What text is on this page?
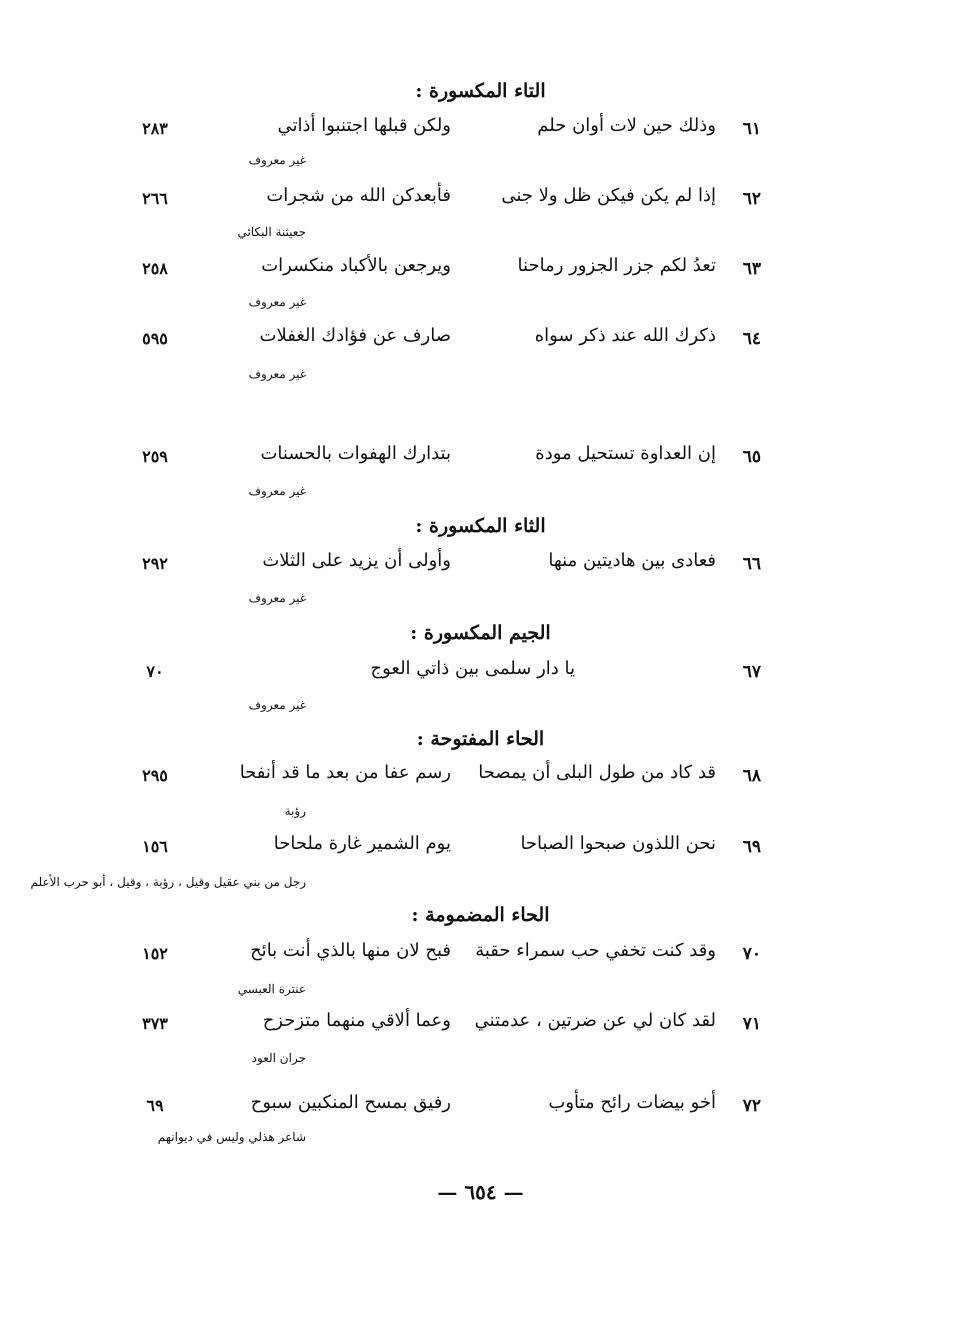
التاء المكسورة :
٦١
وذلك حين لات أوان حلم
ولكن قبلها اجتنبوا أذاتي
٢٨٣
غير معروف
٦٢
إذا لم يكن فيكن ظل ولا جنى
فأبعدكن الله من شجرات
٢٦٦
جعيثنة البكائي
٦٣
تعدُ لكم جزر الجزور رماحنا
ويرجعن بالأكباد منكسرات
٢٥٨
غير معروف
٦٤
ذكرك الله عند ذكر سواه
صارف عن فؤادك الغفلات
٥٩٥
غير معروف
٦٥
إن العداوة تستحيل مودة
بتدارك الهفوات بالحسنات
٢٥٩
غير معروف
الثاء المكسورة :
٦٦
فعادى بين هاديتين منها
وأولى أن يزيد على الثلاث
٢٩٢
غير معروف
الجيم المكسورة :
٦٧
يا دار سلمى بين ذاتي العوج
٧٠
غير معروف
الحاء المفتوحة :
٦٨
قد كاد من طول البلى أن يمصحا
رسم عفا من بعد ما قد أنفحا
٢٩٥
رؤبة
٦٩
نحن اللذون صبحوا الصباحا
يوم الشمير غارة ملحاحا
١٥٦
رجل من بني عقيل وقيل ، رؤبة ، وقيل ، أبو حرب الأعلم
الحاء المضمومة :
٧٠
وقد كنت تخفي حب سمراء حقبة
فبح لان منها بالذي أنت بائح
١٥٢
عنترة العبسي
٧١
لقد كان لي عن ضرتين ، عدمتني
وعما ألاقي منهما متزحزح
٣٧٣
جران العود
٧٢
أخو بيضات رائح متأوب
رفيق بمسح المنكبين سبوح
٦٩
شاعر هذلي وليس في ديوانهم
— ٦٥٤ —
